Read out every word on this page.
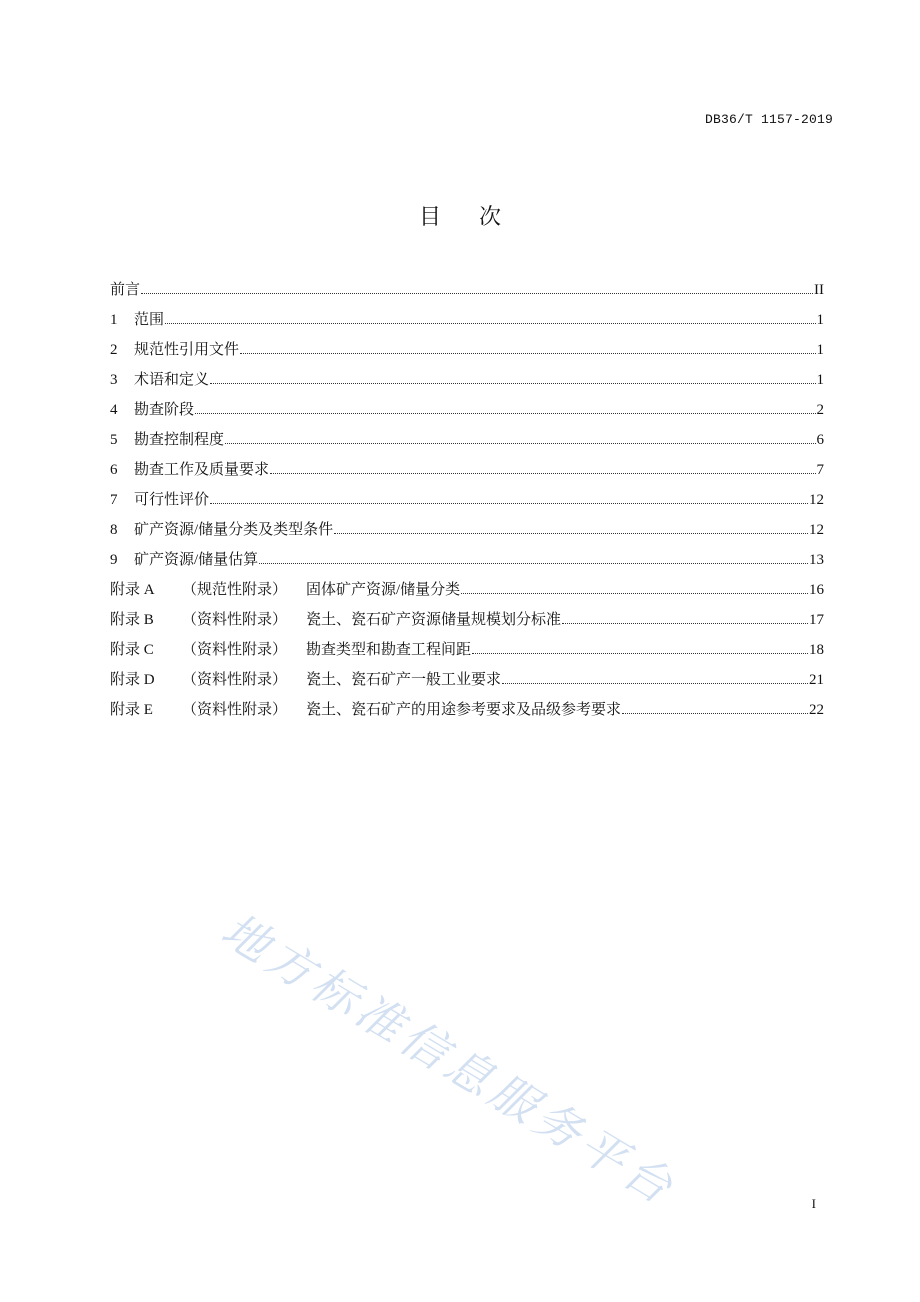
DB36/T 1157-2019
目次
前言	II
1	范围	1
2	规范性引用文件	1
3	术语和定义	1
4	勘查阶段	2
5	勘查控制程度	6
6	勘查工作及质量要求	7
7	可行性评价	12
8	矿产资源/储量分类及类型条件	12
9	矿产资源/储量估算	13
附录 A	（规范性附录）	固体矿产资源/储量分类	16
附录 B	（资料性附录）	瓷土、瓷石矿产资源储量规模划分标准	17
附录 C	（资料性附录）	勘查类型和勘查工程间距	18
附录 D	（资料性附录）	瓷土、瓷石矿产一般工业要求	21
附录 E	（资料性附录）	瓷土、瓷石矿产的用途参考要求及品级参考要求	22
地方标准信息服务平台	I
